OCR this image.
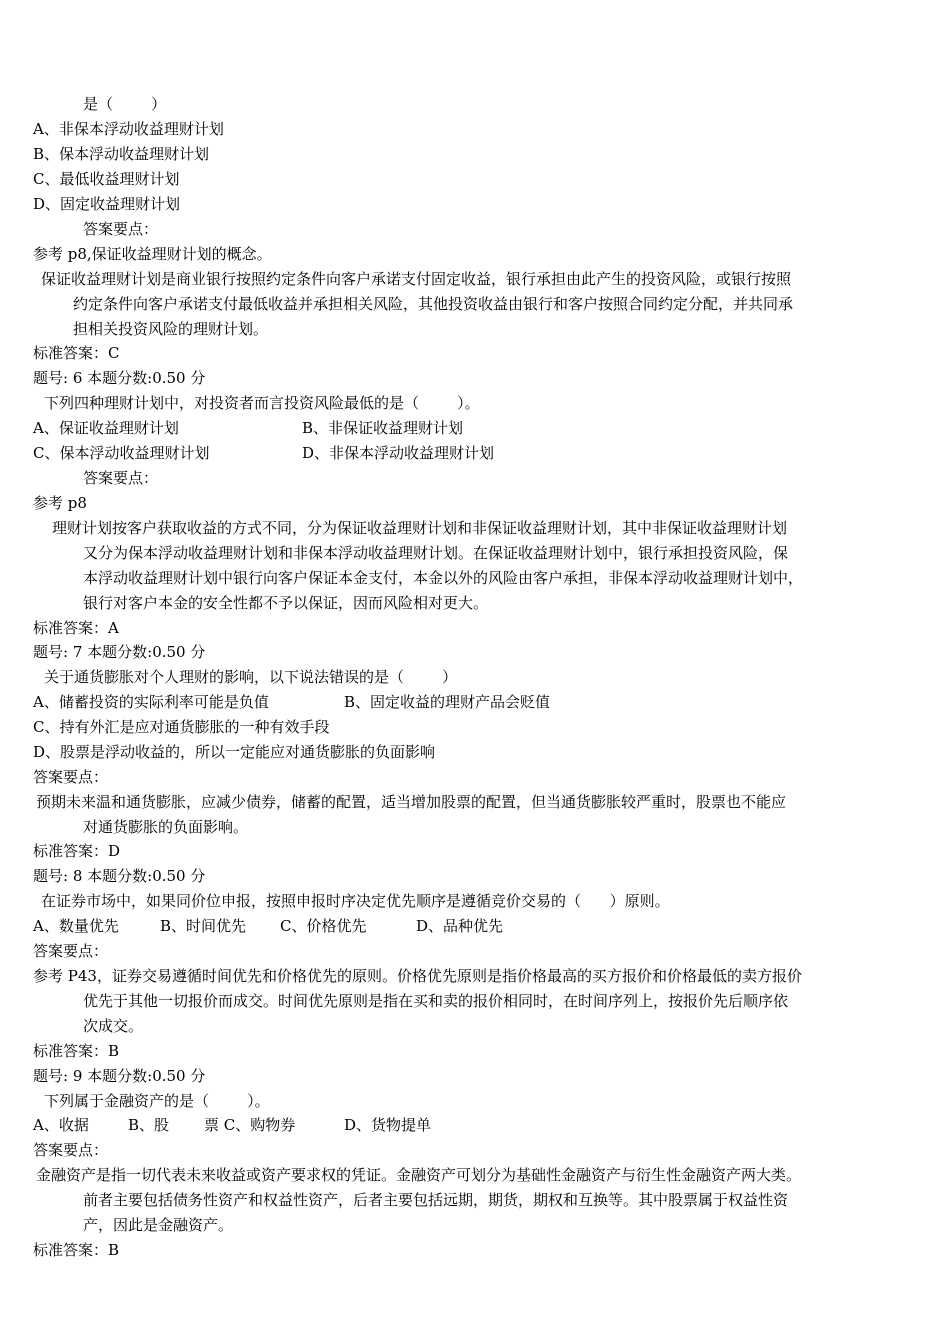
是（        ）
A、非保本浮动收益理财计划
B、保本浮动收益理财计划
C、最低收益理财计划
D、固定收益理财计划
答案要点：
参考 p8,保证收益理财计划的概念。
保证收益理财计划是商业银行按照约定条件向客户承诺支付固定收益，银行承担由此产生的投资风险，或银行按照
约定条件向客户承诺支付最低收益并承担相关风险，其他投资收益由银行和客户按照合同约定分配，并共同承
担相关投资风险的理财计划。
标准答案：C
题号: 6 本题分数:0.50 分
下列四种理财计划中，对投资者而言投资风险最低的是（        ）。
A、保证收益理财计划	B、非保证收益理财计划
C、保本浮动收益理财计划	D、非保本浮动收益理财计划
答案要点：
参考 p8
理财计划按客户获取收益的方式不同，分为保证收益理财计划和非保证收益理财计划，其中非保证收益理财计划
又分为保本浮动收益理财计划和非保本浮动收益理财计划。在保证收益理财计划中，银行承担投资风险，保
本浮动收益理财计划中银行向客户保证本金支付，本金以外的风险由客户承担，非保本浮动收益理财计划中，
银行对客户本金的安全性都不予以保证，因而风险相对更大。
标准答案：A
题号: 7 本题分数:0.50 分
关于通货膨胀对个人理财的影响，以下说法错误的是（        ）
A、储蓄投资的实际利率可能是负值	B、固定收益的理财产品会贬值
C、持有外汇是应对通货膨胀的一种有效手段
D、股票是浮动收益的，所以一定能应对通货膨胀的负面影响
答案要点：
预期未来温和通货膨胀，应减少债券，储蓄的配置，适当增加股票的配置，但当通货膨胀较严重时，股票也不能应
对通货膨胀的负面影响。
标准答案：D
题号: 8 本题分数:0.50 分
在证券市场中，如果同价位申报，按照申报时序决定优先顺序是遵循竞价交易的（      ）原则。
A、数量优先	B、时间优先 C、价格优先	D、品种优先
答案要点：
参考 P43，证券交易遵循时间优先和价格优先的原则。价格优先原则是指价格最高的买方报价和价格最低的卖方报价
优先于其他一切报价而成交。时间优先原则是指在买和卖的报价相同时，在时间序列上，按报价先后顺序依
次成交。
标准答案：B
题号: 9 本题分数:0.50 分
下列属于金融资产的是（        ）。
A、收据	B、股 票 C、购物券	D、货物提单
答案要点：
金融资产是指一切代表未来收益或资产要求权的凭证。金融资产可划分为基础性金融资产与衍生性金融资产两大类。
前者主要包括债务性资产和权益性资产，后者主要包括远期，期货，期权和互换等。其中股票属于权益性资
产，因此是金融资产。
标准答案：B
